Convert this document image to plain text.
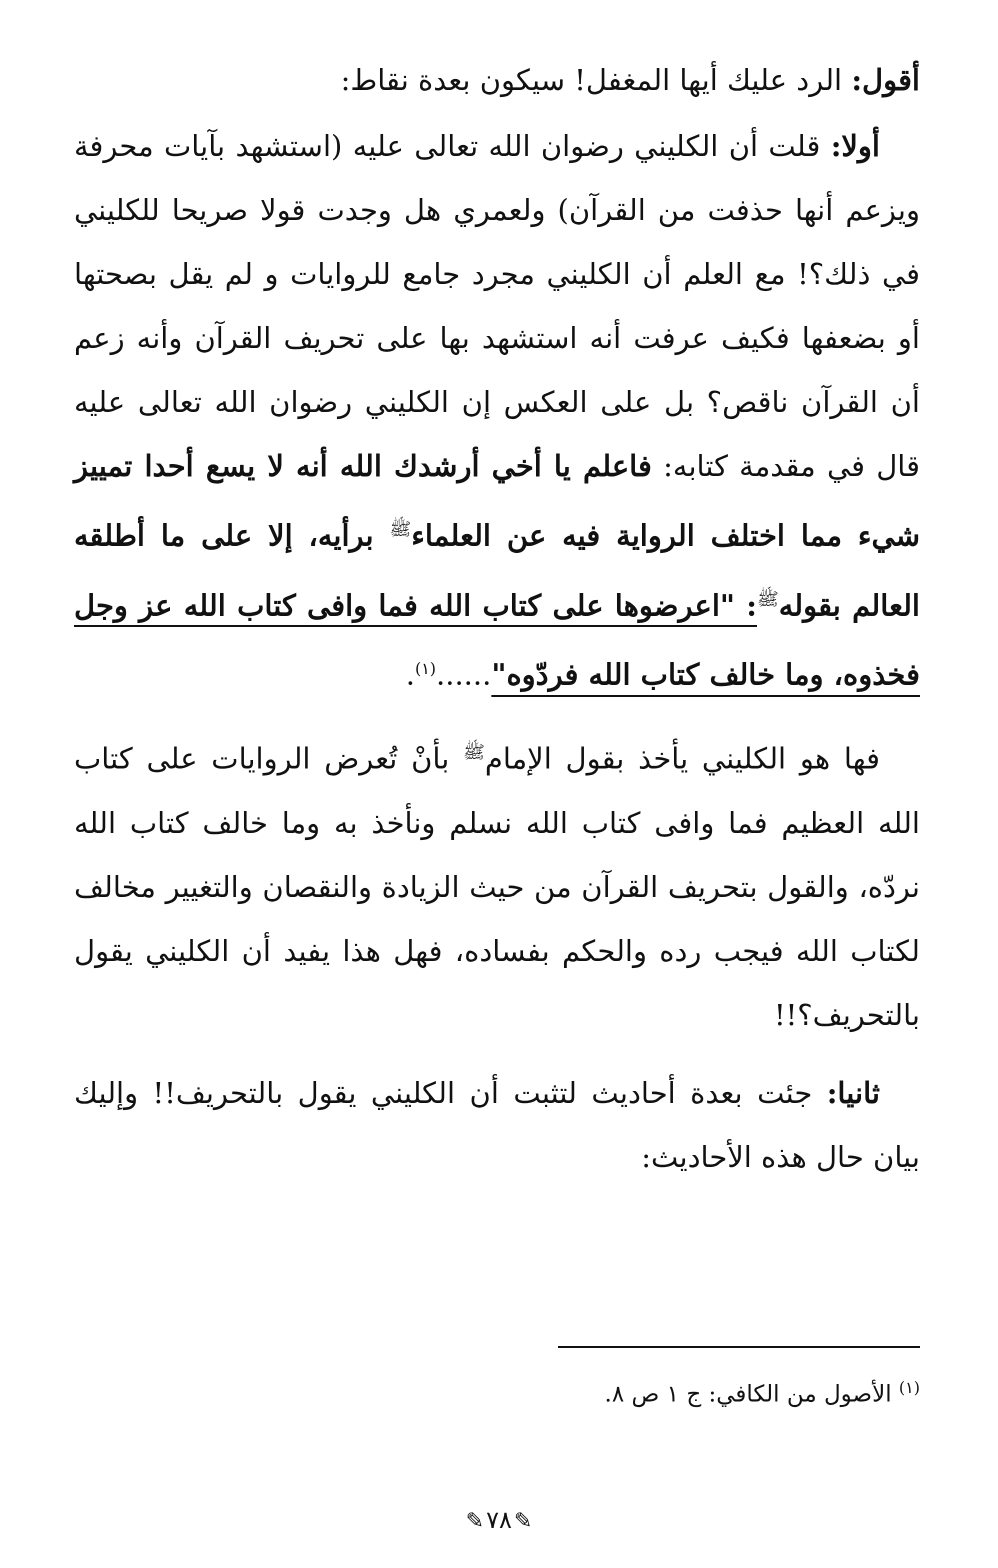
أقول: الرد عليك أيها المغفل! سيكون بعدة نقاط:

أولا: قلت أن الكليني رضوان الله تعالى عليه (استشهد بآيات محرفة ويزعم أنها حذفت من القرآن) ولعمري هل وجدت قولا صريحا للكليني في ذلك؟! مع العلم أن الكليني مجرد جامع للروايات و لم يقل بصحتها أو بضعفها فكيف عرفت أنه استشهد بها على تحريف القرآن وأنه زعم أن القرآن ناقص؟ بل على العكس إن الكليني رضوان الله تعالى عليه قال في مقدمة كتابه: فاعلم يا أخي أرشدك الله أنه لا يسع أحدا تمييز شيء مما اختلف الرواية فيه عن العلماء$^ﷺ$ برأيه، إلا على ما أطلقه العالم بقوله$^ﷺ$: "اعرضوها على كتاب الله فما وافى كتاب الله عز وجل فخذوه، وما خالف كتاب الله فردّوه"......$^{(١)}$.

فها هو الكليني يأخذ بقول الإمام$^ﷺ$ بأنْ تُعرض الروايات على كتاب الله العظيم فما وافى كتاب الله نسلم ونأخذ به وما خالف كتاب الله نردّه، والقول بتحريف القرآن من حيث الزيادة والنقصان والتغيير مخالف لكتاب الله فيجب رده والحكم بفساده، فهل هذا يفيد أن الكليني يقول بالتحريف؟!!

ثانيا: جئت بعدة أحاديث لتثبت أن الكليني يقول بالتحريف!! وإليك بيان حال هذه الأحاديث:

$^{(١)}$ الأصول من الكافي: ج ١ ص ٨.
✎٧٨✎
